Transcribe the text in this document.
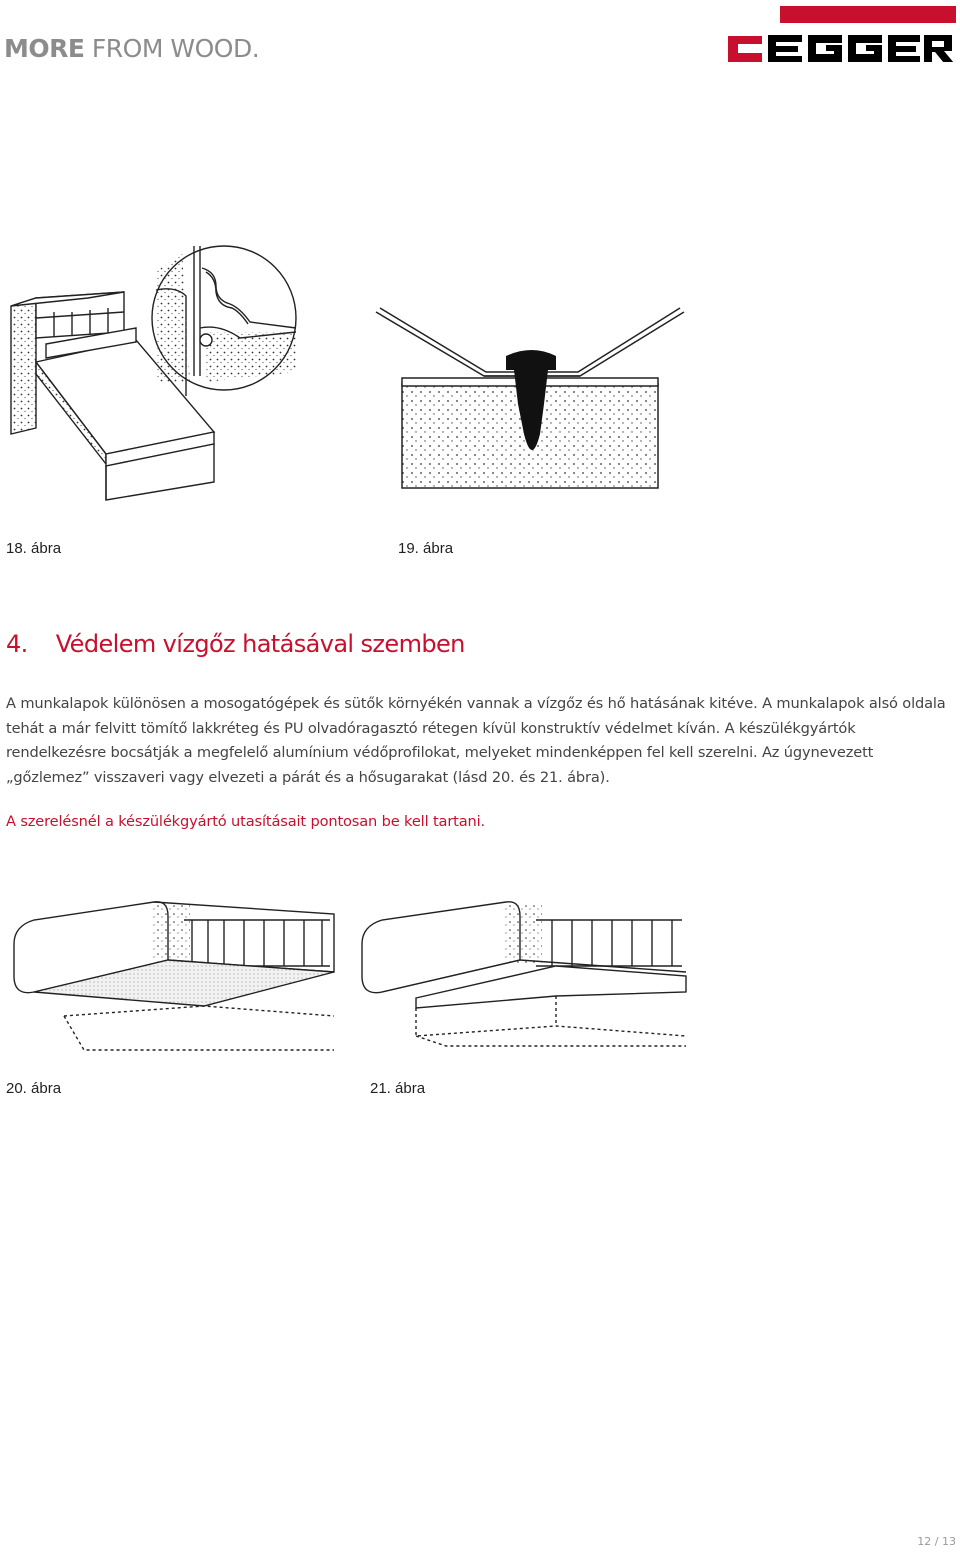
MORE FROM WOOD.
18. ábra	19. ábra
4. Védelem vízgőz hatásával szemben
A munkalapok különösen a mosogatógépek és sütők környékén vannak a vízgőz és hő hatásának kitéve. A munkalapok alsó oldala tehát a már felvitt tömítő lakkréteg és PU olvadóragasztó rétegen kívül konstruktív védelmet kíván. A készülékgyártók rendelkezésre bocsátják a megfelelő alumínium védőprofilokat, melyeket mindenképpen fel kell szerelni. Az úgynevezett „gőzlemez” visszaveri vagy elvezeti a párát és a hősugarakat (lásd 20. és 21. ábra).
A szerelésnél a készülékgyártó utasításait pontosan be kell tartani.
20. ábra	21. ábra
12 / 13
